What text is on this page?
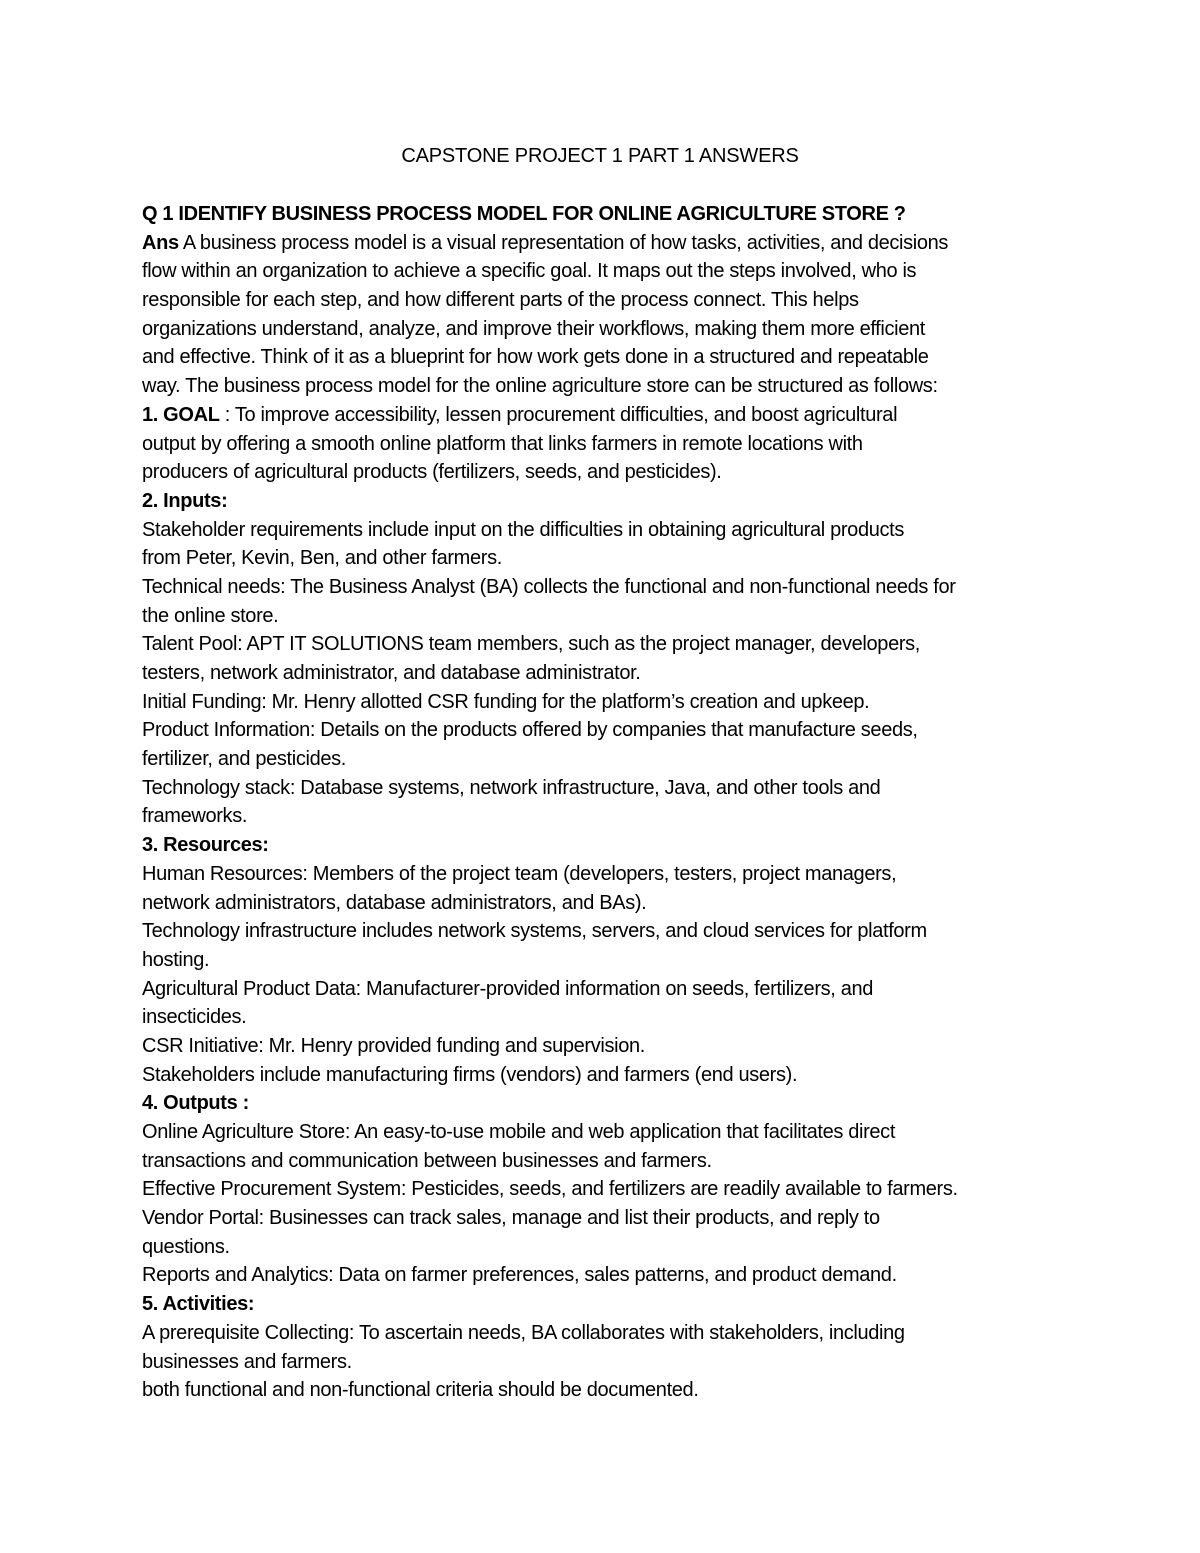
CAPSTONE PROJECT 1 PART 1 ANSWERS
Q 1 IDENTIFY BUSINESS PROCESS MODEL FOR ONLINE AGRICULTURE STORE ?
Ans A business process model is a visual representation of how tasks, activities, and decisions
flow within an organization to achieve a specific goal. It maps out the steps involved, who is
responsible for each step, and how different parts of the process connect. This helps
organizations understand, analyze, and improve their workflows, making them more efficient
and effective. Think of it as a blueprint for how work gets done in a structured and repeatable
way. The business process model for the online agriculture store can be structured as follows:
1. GOAL : To improve accessibility, lessen procurement difficulties, and boost agricultural
output by offering a smooth online platform that links farmers in remote locations with
producers of agricultural products (fertilizers, seeds, and pesticides).
2. Inputs:
Stakeholder requirements include input on the difficulties in obtaining agricultural products
from Peter, Kevin, Ben, and other farmers.
Technical needs: The Business Analyst (BA) collects the functional and non-functional needs for
the online store.
Talent Pool: APT IT SOLUTIONS team members, such as the project manager, developers,
testers, network administrator, and database administrator.
Initial Funding: Mr. Henry allotted CSR funding for the platform’s creation and upkeep.
Product Information: Details on the products offered by companies that manufacture seeds,
fertilizer, and pesticides.
Technology stack: Database systems, network infrastructure, Java, and other tools and
frameworks.
3. Resources:
Human Resources: Members of the project team (developers, testers, project managers,
network administrators, database administrators, and BAs).
Technology infrastructure includes network systems, servers, and cloud services for platform
hosting.
Agricultural Product Data: Manufacturer-provided information on seeds, fertilizers, and
insecticides.
CSR Initiative: Mr. Henry provided funding and supervision.
Stakeholders include manufacturing firms (vendors) and farmers (end users).
4. Outputs :
Online Agriculture Store: An easy-to-use mobile and web application that facilitates direct
transactions and communication between businesses and farmers.
Effective Procurement System: Pesticides, seeds, and fertilizers are readily available to farmers.
Vendor Portal: Businesses can track sales, manage and list their products, and reply to
questions.
Reports and Analytics: Data on farmer preferences, sales patterns, and product demand.
5. Activities:
A prerequisite Collecting: To ascertain needs, BA collaborates with stakeholders, including
businesses and farmers.
both functional and non-functional criteria should be documented.
